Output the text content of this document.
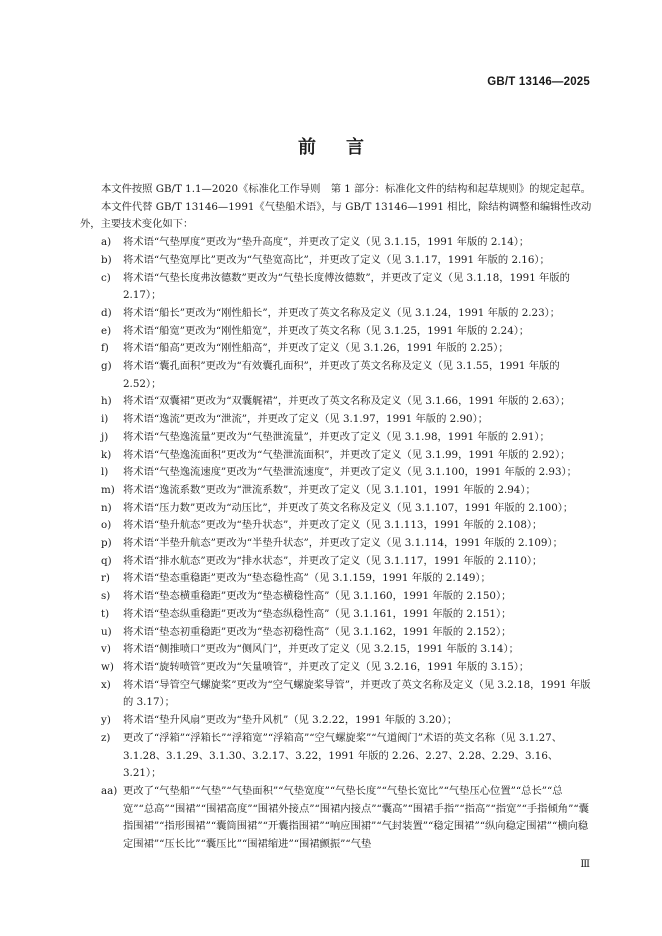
GB/T 13146—2025
前言

本文件按照 GB/T 1.1—2020《标准化工作导则　第 1 部分：标准化文件的结构和起草规则》的规定起草。

本文件代替 GB/T 13146—1991《气垫船术语》，与 GB/T 13146—1991 相比，除结构调整和编辑性改动外，主要技术变化如下：

a)	将术语“气垫厚度”更改为“垫升高度”，并更改了定义（见 3.1.15，1991 年版的 2.14）；
b)	将术语“气垫宽厚比”更改为“气垫宽高比”，并更改了定义（见 3.1.17，1991 年版的 2.16）；
c)	将术语“气垫长度弗汝德数”更改为“气垫长度傅汝德数”，并更改了定义（见 3.1.18，1991 年版的 2.17）；
d)	将术语“船长”更改为“刚性船长”，并更改了英文名称及定义（见 3.1.24，1991 年版的 2.23）；
e)	将术语“船宽”更改为“刚性船宽”，并更改了英文名称（见 3.1.25，1991 年版的 2.24）；
f)	将术语“船高”更改为“刚性船高”，并更改了定义（见 3.1.26，1991 年版的 2.25）；
g)	将术语“囊孔面积”更改为“有效囊孔面积”，并更改了英文名称及定义（见 3.1.55，1991 年版的 2.52）；
h)	将术语“双囊裙”更改为“双囊艉裙”，并更改了英文名称及定义（见 3.1.66，1991 年版的 2.63）；
i)	将术语“逸流”更改为“泄流”，并更改了定义（见 3.1.97，1991 年版的 2.90）；
j)	将术语“气垫逸流量”更改为“气垫泄流量”，并更改了定义（见 3.1.98，1991 年版的 2.91）；
k)	将术语“气垫逸流面积”更改为“气垫泄流面积”，并更改了定义（见 3.1.99，1991 年版的 2.92）；
l)	将术语“气垫逸流速度”更改为“气垫泄流速度”，并更改了定义（见 3.1.100，1991 年版的 2.93）；
m) 将术语“逸流系数”更改为“泄流系数”，并更改了定义（见 3.1.101，1991 年版的 2.94）；
n)	将术语“压力数”更改为“动压比”，并更改了英文名称及定义（见 3.1.107，1991 年版的 2.100）；
o)	将术语“垫升航态”更改为“垫升状态”，并更改了定义（见 3.1.113，1991 年版的 2.108）；
p)	将术语“半垫升航态”更改为“半垫升状态”，并更改了定义（见 3.1.114，1991 年版的 2.109）；
q)	将术语“排水航态”更改为“排水状态”，并更改了定义（见 3.1.117，1991 年版的 2.110）；
r)	将术语“垫态重稳距”更改为“垫态稳性高”（见 3.1.159，1991 年版的 2.149）；
s)	将术语“垫态横重稳距”更改为“垫态横稳性高”（见 3.1.160，1991 年版的 2.150）；
t)	将术语“垫态纵重稳距”更改为“垫态纵稳性高”（见 3.1.161，1991 年版的 2.151）；
u)	将术语“垫态初重稳距”更改为“垫态初稳性高”（见 3.1.162，1991 年版的 2.152）；
v)	将术语“侧推喷口”更改为“侧风门”，并更改了定义（见 3.2.15，1991 年版的 3.14）；
w) 将术语“旋转喷管”更改为“矢量喷管”，并更改了定义（见 3.2.16，1991 年版的 3.15）；
x)	将术语“导管空气螺旋桨”更改为“空气螺旋桨导管”，并更改了英文名称及定义（见 3.2.18，1991 年版的 3.17）；
y)	将术语“垫升风扇”更改为“垫升风机”（见 3.2.22，1991 年版的 3.20）；
z)	更改了“浮箱”“浮箱长”“浮箱宽”“浮箱高”“空气螺旋桨”“气道阀门”术语的英文名称（见 3.1.27、3.1.28、3.1.29、3.1.30、3.2.17、3.22，1991 年版的 2.26、2.27、2.28、2.29、3.16、3.21）；
aa) 更改了“气垫船”“气垫”“气垫面积”“气垫宽度”“气垫长度”“气垫长宽比”“气垫压心位置”“总长”“总宽”“总高”“围裙”“围裙高度”“围裙外接点”“围裙内接点”“囊高”“围裙手指”“指高”“指宽”“手指倾角”“囊指围裙”“指形围裙”“囊筒围裙”“开囊指围裙”“响应围裙”“气封装置”“稳定围裙”“纵向稳定围裙”“横向稳定围裙”“压长比”“囊压比”“围裙缩进”“围裙颤振”“气垫
Ⅲ
